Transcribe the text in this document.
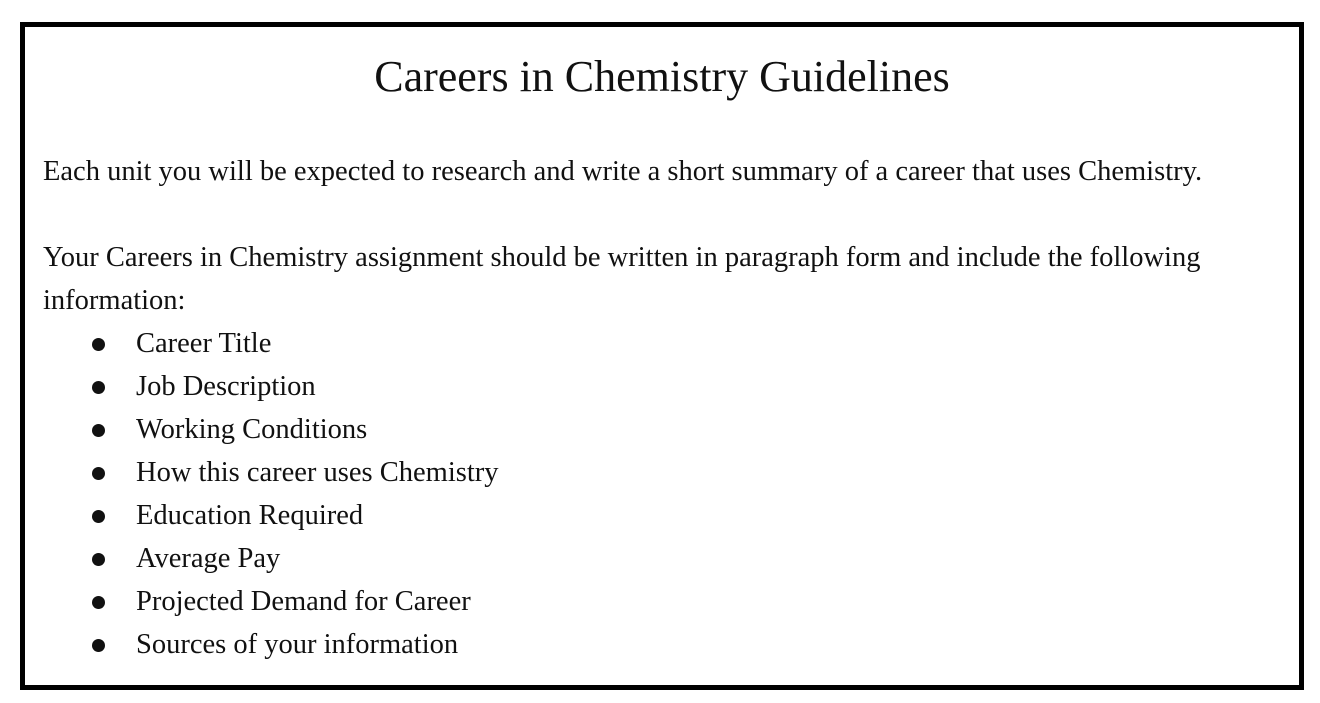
Careers in Chemistry Guidelines

Each unit you will be expected to research and write a short summary of a career that uses Chemistry.

Your Careers in Chemistry assignment should be written in paragraph form and include the following information:

Career Title
Job Description
Working Conditions
How this career uses Chemistry
Education Required
Average Pay
Projected Demand for Career
Sources of your information
